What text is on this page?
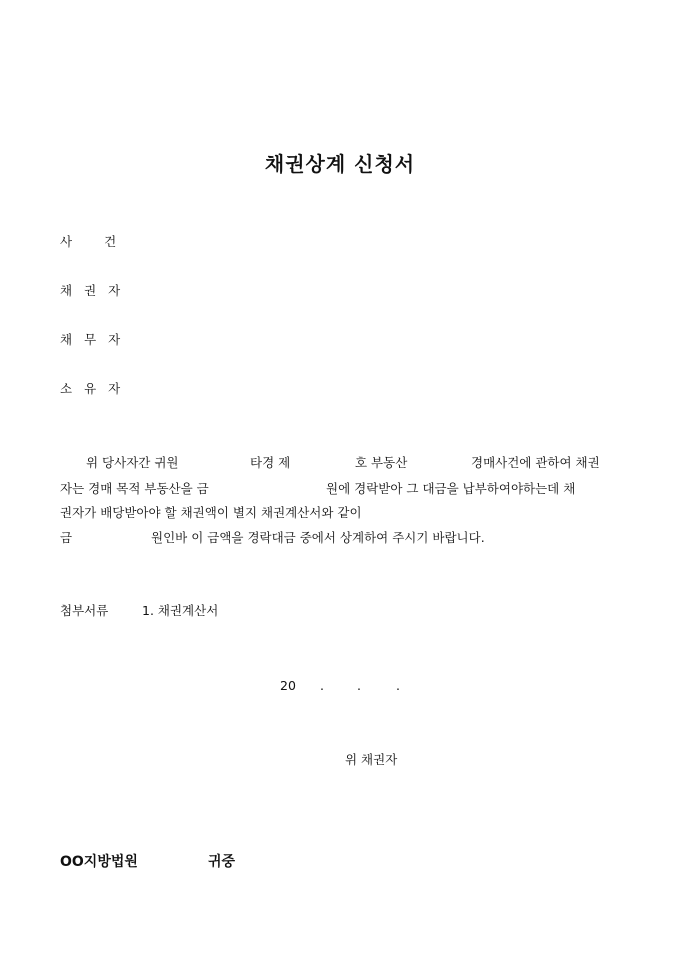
채권상계 신청서
사	건
채 권 자
채 무 자
소 유 자
위 당사자간 귀원	타경 제	호 부동산	경매사건에 관하여 채권
자는 경매 목적 부동산을 금	원에 경락받아 그 대금을 납부하여야하는데 채
권자가 배당받아야 할 채권액이 별지 채권계산서와 같이
금	원인바 이 금액을 경락대금 중에서 상계하여 주시기 바랍니다.
첨부서류	1. 채권계산서
20 .	.	.
위 채권자
OO지방법원	귀중
